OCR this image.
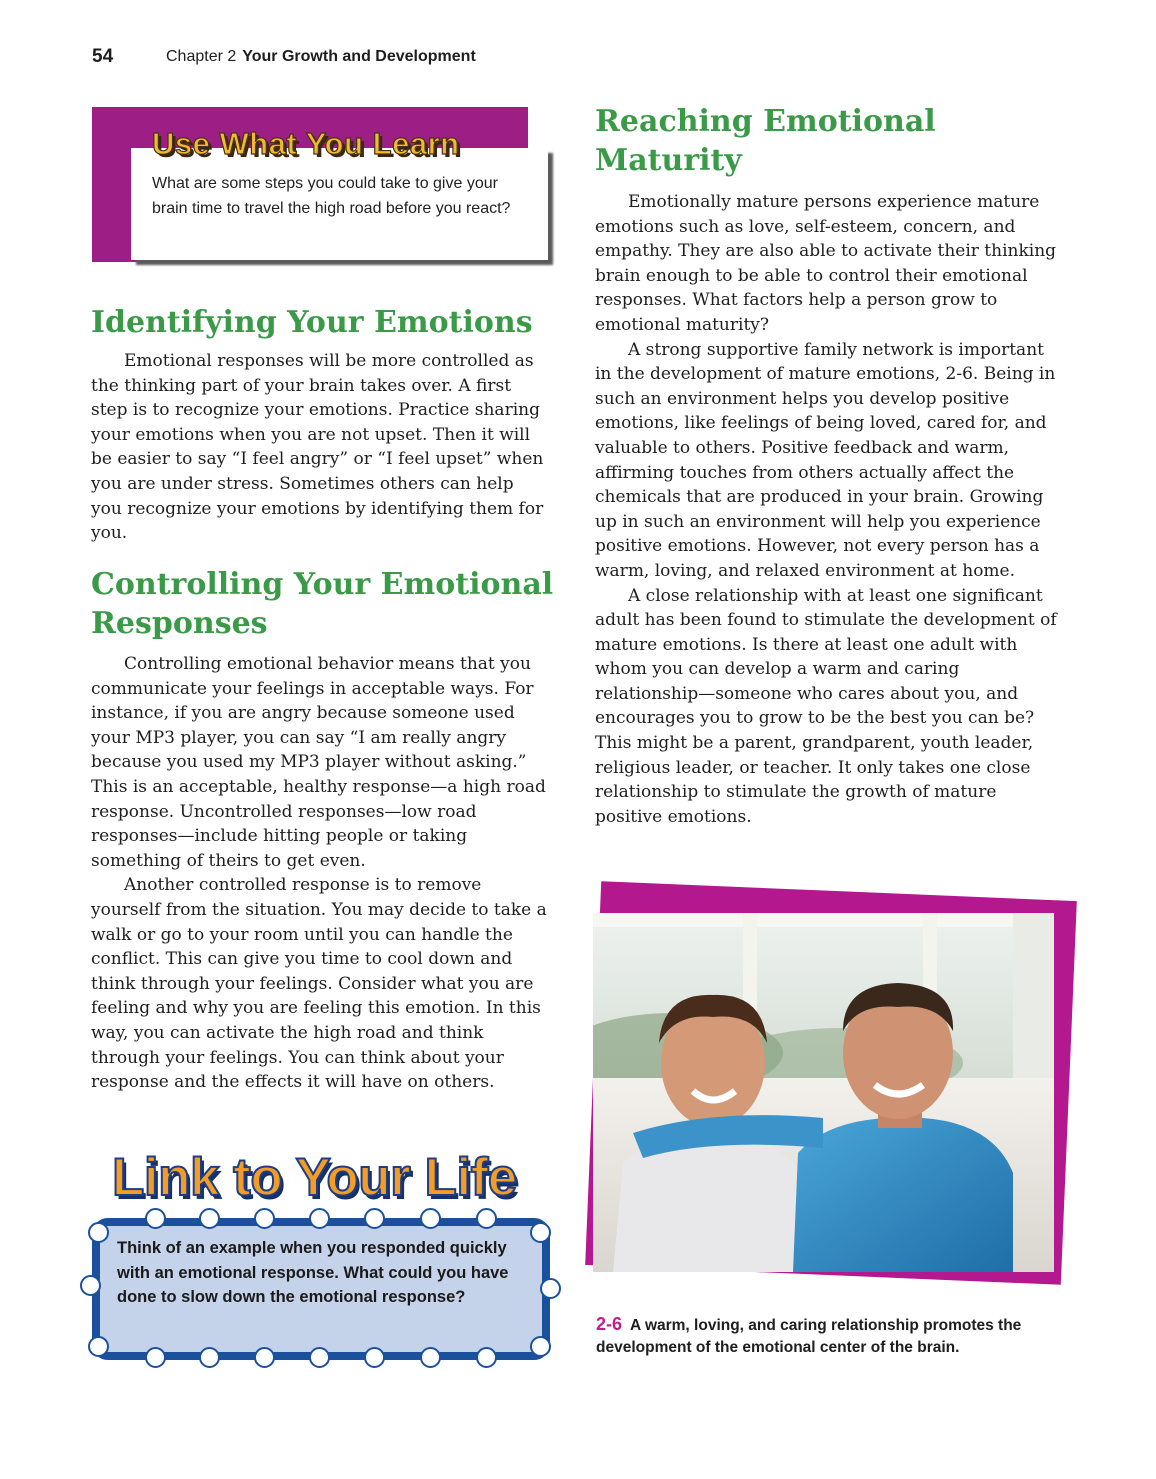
54	Chapter 2 Your Growth and Development
Use What You Learn
What are some steps you could take to give your brain time to travel the high road before you react?
Identifying Your Emotions

Emotional responses will be more controlled as the thinking part of your brain takes over. A first step is to recognize your emotions. Practice sharing your emotions when you are not upset. Then it will be easier to say “I feel angry” or “I feel upset” when you are under stress. Sometimes others can help you recognize your emotions by identifying them for you.

Controlling Your Emotional Responses

Controlling emotional behavior means that you communicate your feelings in acceptable ways. For instance, if you are angry because someone used your MP3 player, you can say “I am really angry because you used my MP3 player without asking.” This is an acceptable, healthy response—a high road response. Uncontrolled responses—low road responses—include hitting people or taking something of theirs to get even.

Another controlled response is to remove yourself from the situation. You may decide to take a walk or go to your room until you can handle the conflict. This can give you time to cool down and think through your feelings. Consider what you are feeling and why you are feeling this emotion. In this way, you can activate the high road and think through your feelings. You can think about your response and the effects it will have on others.

Reaching Emotional Maturity

Emotionally mature persons experience mature emotions such as love, self-esteem, concern, and empathy. They are also able to activate their thinking brain enough to be able to control their emotional responses. What factors help a person grow to emotional maturity?

A strong supportive family network is important in the development of mature emotions, 2-6. Being in such an environment helps you develop positive emotions, like feelings of being loved, cared for, and valuable to others. Positive feedback and warm, affirming touches from others actually affect the chemicals that are produced in your brain. Growing up in such an environment will help you experience positive emotions. However, not every person has a warm, loving, and relaxed environment at home.

A close relationship with at least one significant adult has been found to stimulate the development of mature emotions. Is there at least one adult with whom you can develop a warm and caring relationship—someone who cares about you, and encourages you to grow to be the best you can be? This might be a parent, grandparent, youth leader, religious leader, or teacher. It only takes one close relationship to stimulate the growth of mature positive emotions.

2-6 A warm, loving, and caring relationship promotes the development of the emotional center of the brain.
Link to Your Life
Think of an example when you responded quickly with an emotional response. What could you have done to slow down the emotional response?
